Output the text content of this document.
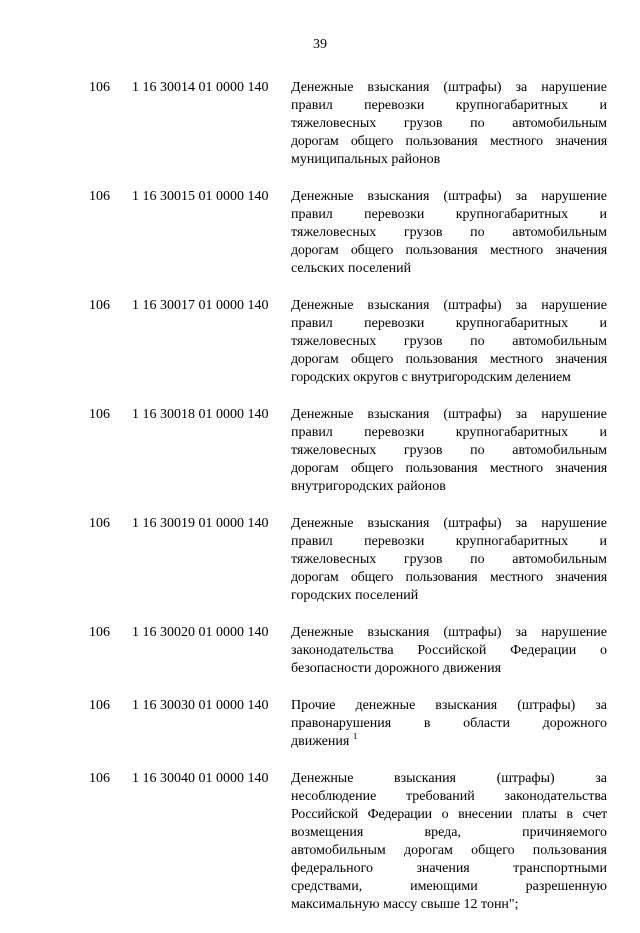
39
106 1 16 30014 01 0000 140 Денежные взыскания (штрафы) за нарушение
правил перевозки крупногабаритных и
тяжеловесных грузов по автомобильным
дорогам общего пользования местного значения
муниципальных районов
106 1 16 30015 01 0000 140 Денежные взыскания (штрафы) за нарушение
правил перевозки крупногабаритных и
тяжеловесных грузов по автомобильным
дорогам общего пользования местного значения
сельских поселений
106 1 16 30017 01 0000 140 Денежные взыскания (штрафы) за нарушение
правил перевозки крупногабаритных и
тяжеловесных грузов по автомобильным
дорогам общего пользования местного значения
городских округов с внутригородским делением
106 1 16 30018 01 0000 140 Денежные взыскания (штрафы) за нарушение
правил перевозки крупногабаритных и
тяжеловесных грузов по автомобильным
дорогам общего пользования местного значения
внутригородских районов
106 1 16 30019 01 0000 140 Денежные взыскания (штрафы) за нарушение
правил перевозки крупногабаритных и
тяжеловесных грузов по автомобильным
дорогам общего пользования местного значения
городских поселений
106 1 16 30020 01 0000 140 Денежные взыскания (штрафы) за нарушение
законодательства Российской Федерации о
безопасности дорожного движения
106 1 16 30030 01 0000 140 Прочие денежные взыскания (штрафы) за
правонарушения в области дорожного
движения $^1$
106 1 16 30040 01 0000 140 Денежные взыскания (штрафы) за
несоблюдение требований законодательства
Российской Федерации о внесении платы в счет
возмещения вреда, причиняемого
автомобильным дорогам общего пользования
федерального значения транспортными
средствами, имеющими разрешенную
максимальную массу свыше 12 тонн";
